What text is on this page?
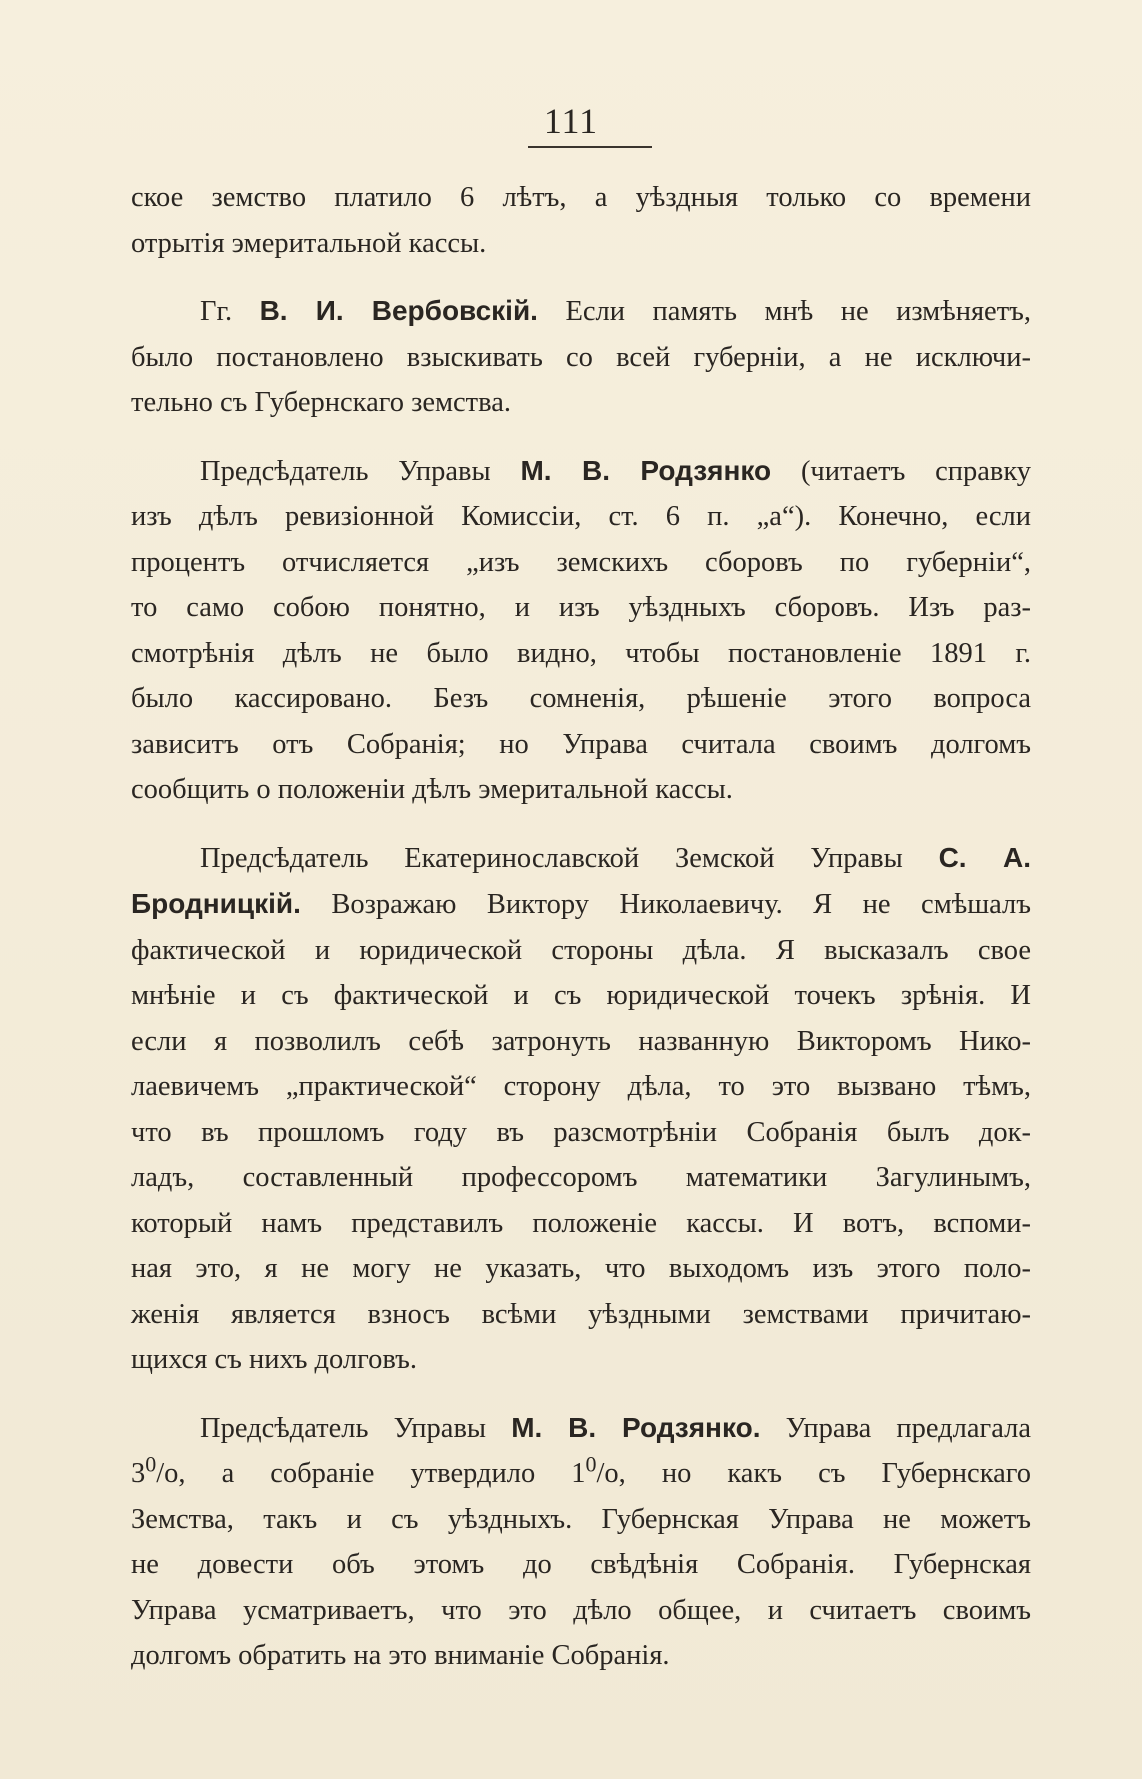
111
ское земство платило 6 лѣтъ, а уѣздныя только со времени
отрытія эмеритальной кассы.
Гг. В. И. Вербовскій. Если память мнѣ не измѣняетъ,
было постановлено взыскивать со всей губерніи, а не исключи-
тельно съ Губернскаго земства.
Предсѣдатель Управы М. В. Родзянко (читаетъ справку
изъ дѣлъ ревизіонной Комиссіи, ст. 6 п. „а“). Конечно, если
процентъ отчисляется „изъ земскихъ сборовъ по губерніи“,
то само собою понятно, и изъ уѣздныхъ сборовъ. Изъ раз-
смотрѣнія дѣлъ не было видно, чтобы постановленіе 1891 г.
было кассировано. Безъ сомненія, рѣшеніе этого вопроса
зависитъ отъ Собранія; но Управа считала своимъ долгомъ
сообщить о положеніи дѣлъ эмеритальной кассы.
Предсѣдатель Екатеринославской Земской Управы С. А.
Бродницкій. Возражаю Виктору Николаевичу. Я не смѣшалъ
фактической и юридической стороны дѣла. Я высказалъ свое
мнѣніе и съ фактической и съ юридической точекъ зрѣнія. И
если я позволилъ себѣ затронуть названную Викторомъ Нико-
лаевичемъ „практической“ сторону дѣла, то это вызвано тѣмъ,
что въ прошломъ году въ разсмотрѣніи Собранія былъ док-
ладъ, составленный профессоромъ математики Загулинымъ,
который намъ представилъ положеніе кассы. И вотъ, вспоми-
ная это, я не могу не указать, что выходомъ изъ этого поло-
женія является взносъ всѣми уѣздными земствами причитаю-
щихся съ нихъ долговъ.
Предсѣдатель Управы М. В. Родзянко. Управа предлагала
$3^0/o$, а собраніе утвердило $1^0/o$, но какъ съ Губернскаго
Земства, такъ и съ уѣздныхъ. Губернская Управа не можетъ
не довести объ этомъ до свѣдѣнія Собранія. Губернская
Управа усматриваетъ, что это дѣло общее, и считаетъ своимъ
долгомъ обратить на это вниманіе Собранія.
